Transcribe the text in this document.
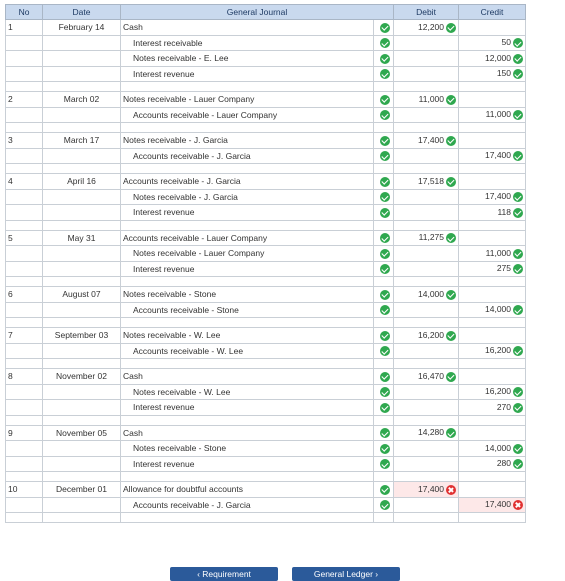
No	Date	General Journal		Debit	Credit
1	February 14	Cash		12,200	
		Interest receivable			50
		Notes receivable - E. Lee			12,000
		Interest revenue			150

2	March 02	Notes receivable - Lauer Company		11,000	
		Accounts receivable - Lauer Company			11,000

3	March 17	Notes receivable - J. Garcia		17,400	
		Accounts receivable - J. Garcia			17,400

4	April 16	Accounts receivable - J. Garcia		17,518	
		Notes receivable - J. Garcia			17,400
		Interest revenue			118

5	May 31	Accounts receivable - Lauer Company		11,275	
		Notes receivable - Lauer Company			11,000
		Interest revenue			275

6	August 07	Notes receivable - Stone		14,000	
		Accounts receivable - Stone			14,000

7	September 03	Notes receivable - W. Lee		16,200	
		Accounts receivable - W. Lee			16,200

8	November 02	Cash		16,470	
		Notes receivable - W. Lee			16,200
		Interest revenue			270

9	November 05	Cash		14,280	
		Notes receivable - Stone			14,000
		Interest revenue			280

10	December 01	Allowance for doubtful accounts		17,400	
		Accounts receivable - J. Garcia			17,400

‹ Requirement	General Ledger ›
